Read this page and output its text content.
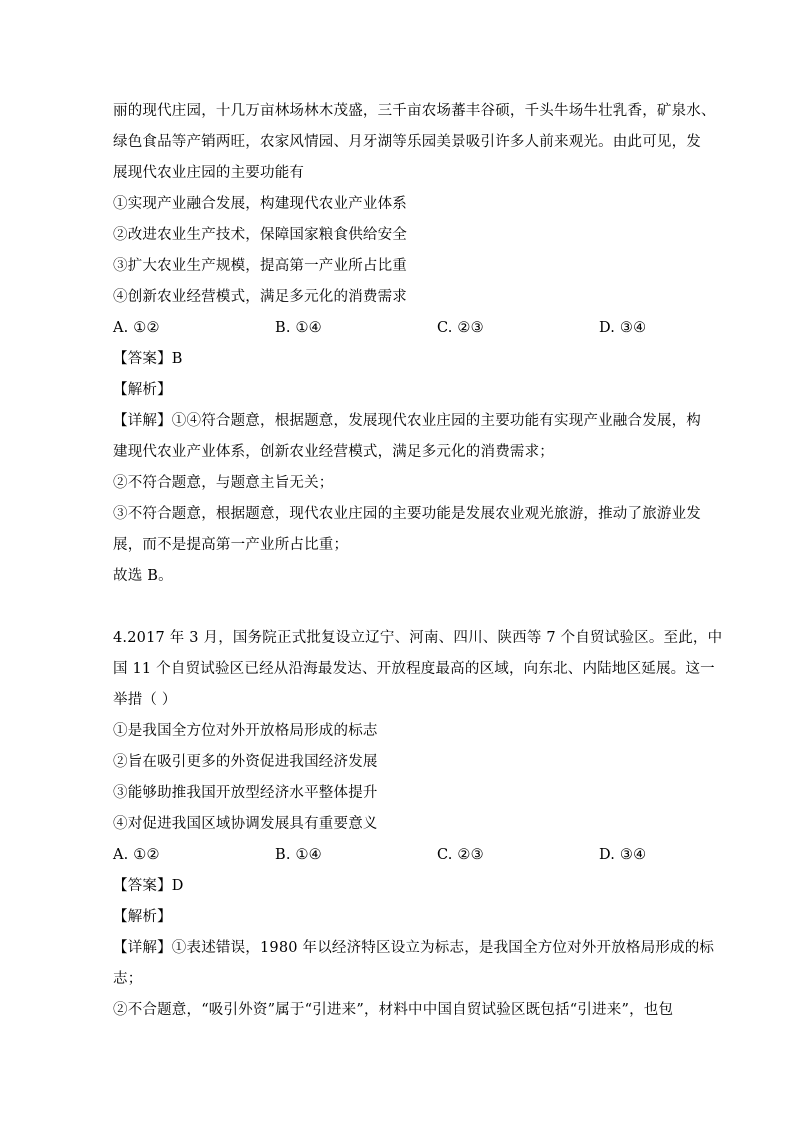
丽的现代庄园，十几万亩林场林木茂盛，三千亩农场蕃丰谷硕，千头牛场牛壮乳香，矿泉水、
绿色食品等产销两旺，农家风情园、月牙湖等乐园美景吸引许多人前来观光。由此可见，发
展现代农业庄园的主要功能有
①实现产业融合发展，构建现代农业产业体系
②改进农业生产技术，保障国家粮食供给安全
③扩大农业生产规模，提高第一产业所占比重
④创新农业经营模式，满足多元化的消费需求
A. ①②	B. ①④	C. ②③	D. ③④
【答案】B
【解析】
【详解】①④符合题意，根据题意，发展现代农业庄园的主要功能有实现产业融合发展，构
建现代农业产业体系，创新农业经营模式，满足多元化的消费需求；
②不符合题意，与题意主旨无关；
③不符合题意，根据题意，现代农业庄园的主要功能是发展农业观光旅游，推动了旅游业发
展，而不是提高第一产业所占比重；
故选 B。
4.2017 年 3 月，国务院正式批复设立辽宁、河南、四川、陕西等 7 个自贸试验区。至此，中
国 11 个自贸试验区已经从沿海最发达、开放程度最高的区域，向东北、内陆地区延展。这一
举措（ ）
①是我国全方位对外开放格局形成的标志
②旨在吸引更多的外资促进我国经济发展
③能够助推我国开放型经济水平整体提升
④对促进我国区域协调发展具有重要意义
A. ①②	B. ①④	C. ②③	D. ③④
【答案】D
【解析】
【详解】①表述错误，1980 年以经济特区设立为标志，是我国全方位对外开放格局形成的标
志；
②不合题意，“吸引外资”属于“引进来”，材料中中国自贸试验区既包括“引进来”，也包
